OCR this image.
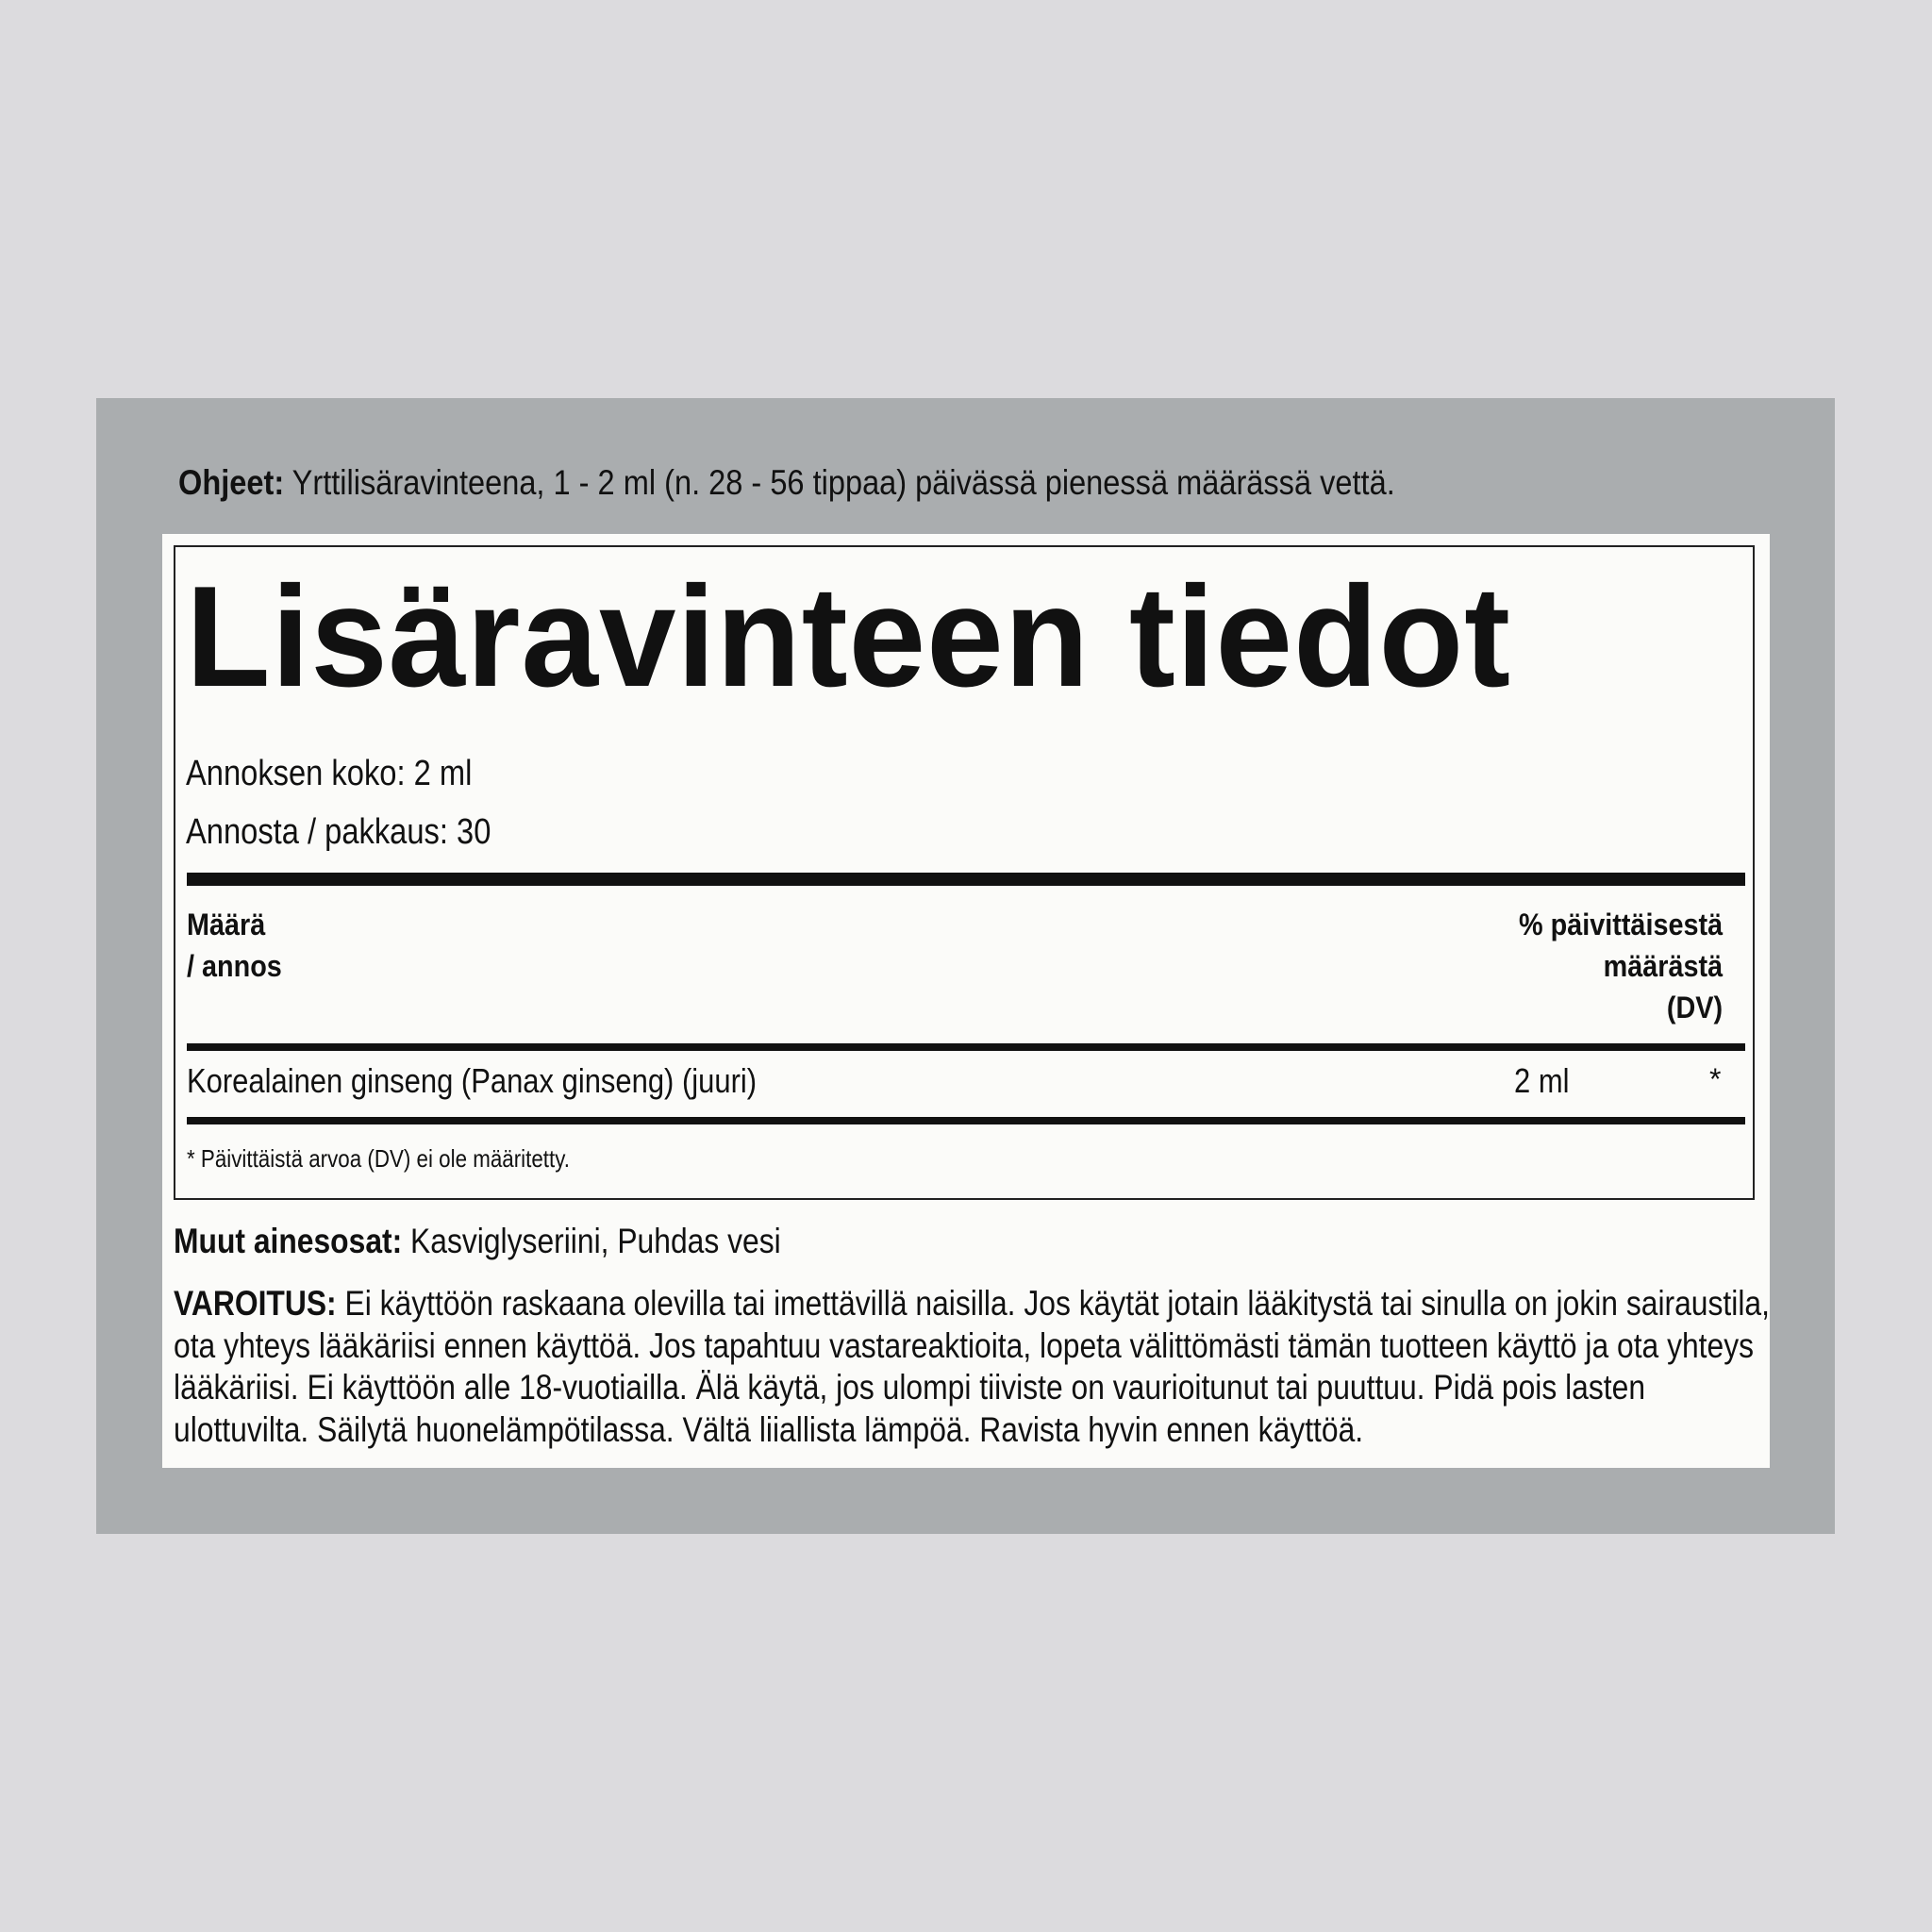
Ohjeet: Yrttilisäravinteena, 1 - 2 ml (n. 28 - 56 tippaa) päivässä pienessä määrässä vettä.
Lisäravinteen tiedot
Annoksen koko: 2 ml
Annosta / pakkaus: 30
Määrä
/ annos
% päivittäisestä
määrästä
(DV)
Korealainen ginseng (Panax ginseng) (juuri)	2 ml	*
* Päivittäistä arvoa (DV) ei ole määritetty.
Muut ainesosat: Kasviglyseriini, Puhdas vesi
VAROITUS: Ei käyttöön raskaana olevilla tai imettävillä naisilla. Jos käytät jotain lääkitystä tai sinulla on jokin sairaustila,
ota yhteys lääkäriisi ennen käyttöä. Jos tapahtuu vastareaktioita, lopeta välittömästi tämän tuotteen käyttö ja ota yhteys
lääkäriisi. Ei käyttöön alle 18-vuotiailla. Älä käytä, jos ulompi tiiviste on vaurioitunut tai puuttuu. Pidä pois lasten
ulottuvilta. Säilytä huonelämpötilassa. Vältä liiallista lämpöä. Ravista hyvin ennen käyttöä.
